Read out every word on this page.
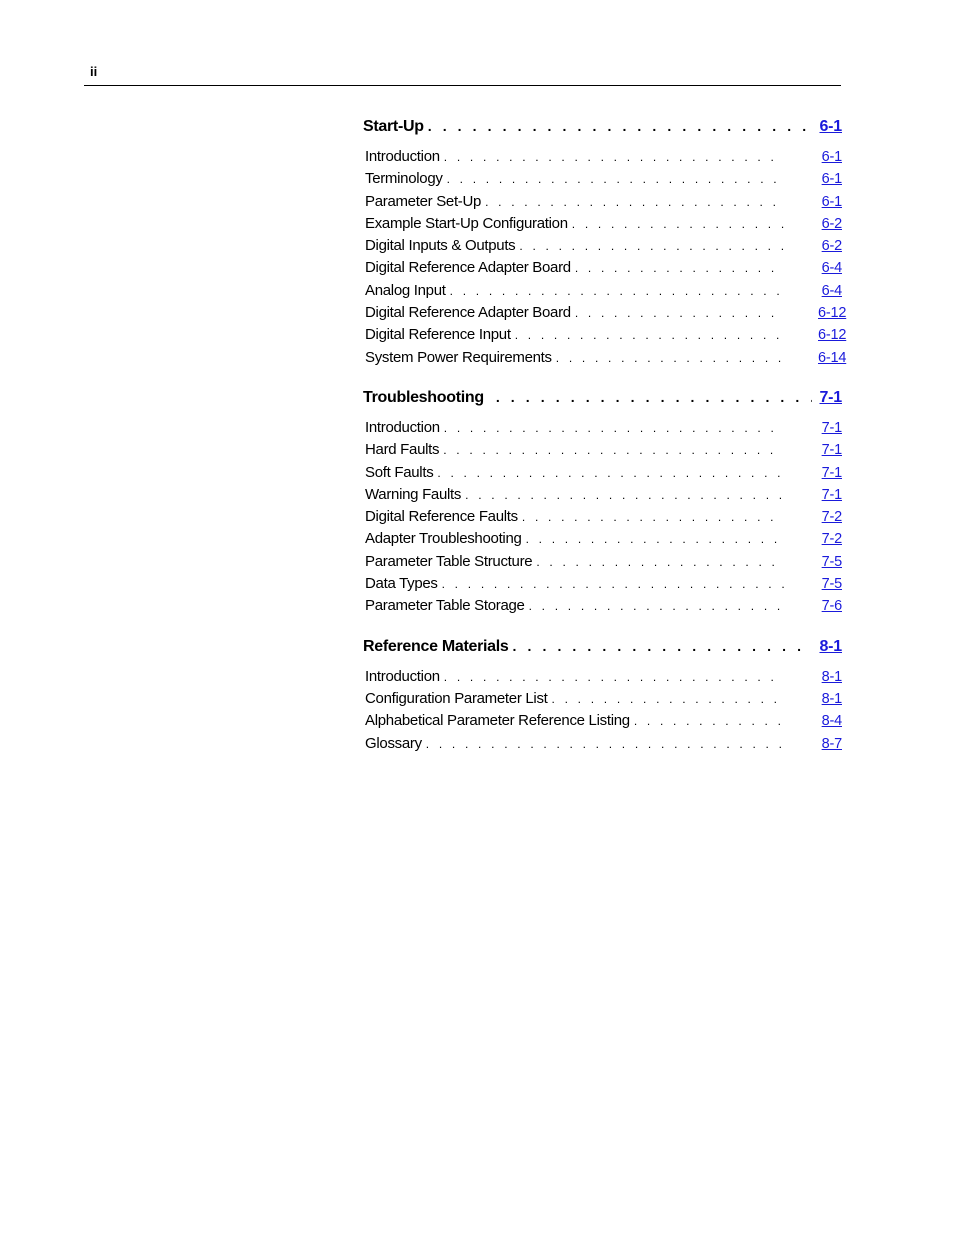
ii
Start-Up . . .	6-1
Introduction . . .	6-1
Terminology . . .	6-1
Parameter Set-Up . . .	6-1
Example Start-Up Configuration . . .	6-2
Digital Inputs & Outputs . . .	6-2
Digital Reference Adapter Board . . .	6-4
Analog Input . . .	6-4
Digital Reference Adapter Board . . .	6-12
Digital Reference Input . . .	6-12
System Power Requirements . . .	6-14
Troubleshooting . . .	7-1
Introduction . . .	7-1
Hard Faults . . .	7-1
Soft Faults . . .	7-1
Warning Faults . . .	7-1
Digital Reference Faults . . .	7-2
Adapter Troubleshooting . . .	7-2
Parameter Table Structure . . .	7-5
Data Types . . .	7-5
Parameter Table Storage . . .	7-6
Reference Materials . . .	8-1
Introduction . . .	8-1
Configuration Parameter List . . .	8-1
Alphabetical Parameter Reference Listing . . .	8-4
Glossary . . .	8-7
